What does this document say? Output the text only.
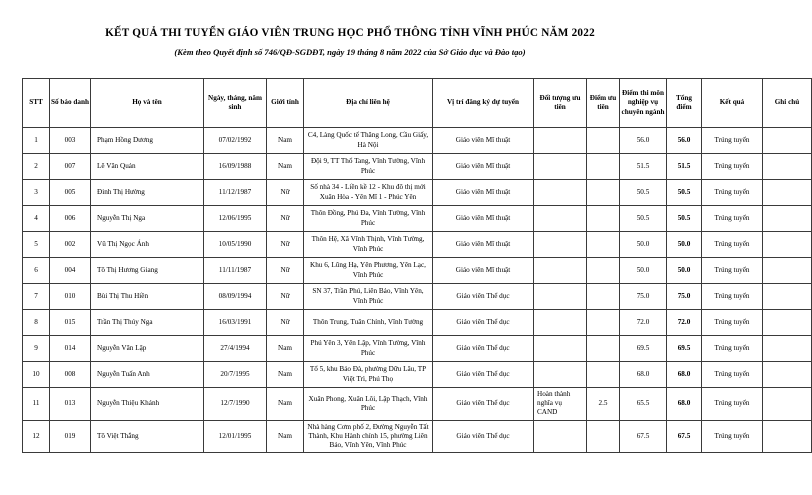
KẾT QUẢ THI TUYỂN GIÁO VIÊN TRUNG HỌC PHỔ THÔNG TỈNH VĨNH PHÚC NĂM 2022

(Kèm theo Quyết định số 746/QĐ-SGDĐT, ngày 19 tháng 8 năm 2022 của Sở Giáo dục và Đào tạo)

STT	Số báo danh	Họ và tên	Ngày, tháng, năm sinh	Giới tính	Địa chỉ liên hệ	Vị trí đăng ký dự tuyển	Đối tượng ưu tiên	Điểm ưu tiên	Điểm thi môn nghiệp vụ chuyên ngành	Tổng điểm	Kết quả	Ghi chú
1	003	Phạm Hồng Dương	07/02/1992	Nam	C4, Làng Quốc tế Thăng Long, Cầu Giấy, Hà Nội	Giáo viên Mĩ thuật			56.0	56.0	Trúng tuyển	
2	007	Lê Văn Quản	16/09/1988	Nam	Đội 9, TT Thổ Tang, Vĩnh Tường, Vĩnh Phúc	Giáo viên Mĩ thuật			51.5	51.5	Trúng tuyển	
3	005	Đinh Thị Hường	11/12/1987	Nữ	Số nhà 34 - Liền kề 12 - Khu đô thị mới Xuân Hòa - Yên Mĩ 1 - Phúc Yên	Giáo viên Mĩ thuật			50.5	50.5	Trúng tuyển	
4	006	Nguyễn Thị Nga	12/06/1995	Nữ	Thôn Đồng, Phú Đa, Vĩnh Tường, Vĩnh Phúc	Giáo viên Mĩ thuật			50.5	50.5	Trúng tuyển	
5	002	Vũ Thị Ngọc Ánh	10/05/1990	Nữ	Thôn Hệ, Xã Vĩnh Thịnh, Vĩnh Tường, Vĩnh Phúc	Giáo viên Mĩ thuật			50.0	50.0	Trúng tuyển	
6	004	Tô Thị Hương Giang	11/11/1987	Nữ	Khu 6, Lũng Hạ, Yên Phương, Yên Lạc, Vĩnh Phúc	Giáo viên Mĩ thuật			50.0	50.0	Trúng tuyển	
7	010	Bùi Thị Thu Hiền	08/09/1994	Nữ	SN 37, Trần Phú, Liên Bảo, Vĩnh Yên, Vĩnh Phúc	Giáo viên Thể dục			75.0	75.0	Trúng tuyển	
8	015	Trần Thị Thúy Nga	16/03/1991	Nữ	Thôn Trung, Tuân Chính, Vĩnh Tường	Giáo viên Thể dục			72.0	72.0	Trúng tuyển	
9	014	Nguyễn Văn Lập	27/4/1994	Nam	Phú Yên 3, Yên Lập, Vĩnh Tường, Vĩnh Phúc	Giáo viên Thể dục			69.5	69.5	Trúng tuyển	
10	008	Nguyễn Tuấn Anh	20/7/1995	Nam	Tổ 5, khu Bảo Đà, phường Dữu Lâu, TP Việt Trì, Phú Thọ	Giáo viên Thể dục			68.0	68.0	Trúng tuyển	
11	013	Nguyễn Thiệu Khánh	12/7/1990	Nam	Xuân Phong, Xuân Lôi, Lập Thạch, Vĩnh Phúc	Giáo viên Thể dục	Hoàn thành nghĩa vụ CAND	2.5	65.5	68.0	Trúng tuyển	
12	019	Tô Việt Thắng	12/01/1995	Nam	Nhà hàng Cơm phố 2, Đường Nguyễn Tất Thành, Khu Hành chính 15, phường Liên Bảo, Vĩnh Yên, Vĩnh Phúc	Giáo viên Thể dục			67.5	67.5	Trúng tuyển	
